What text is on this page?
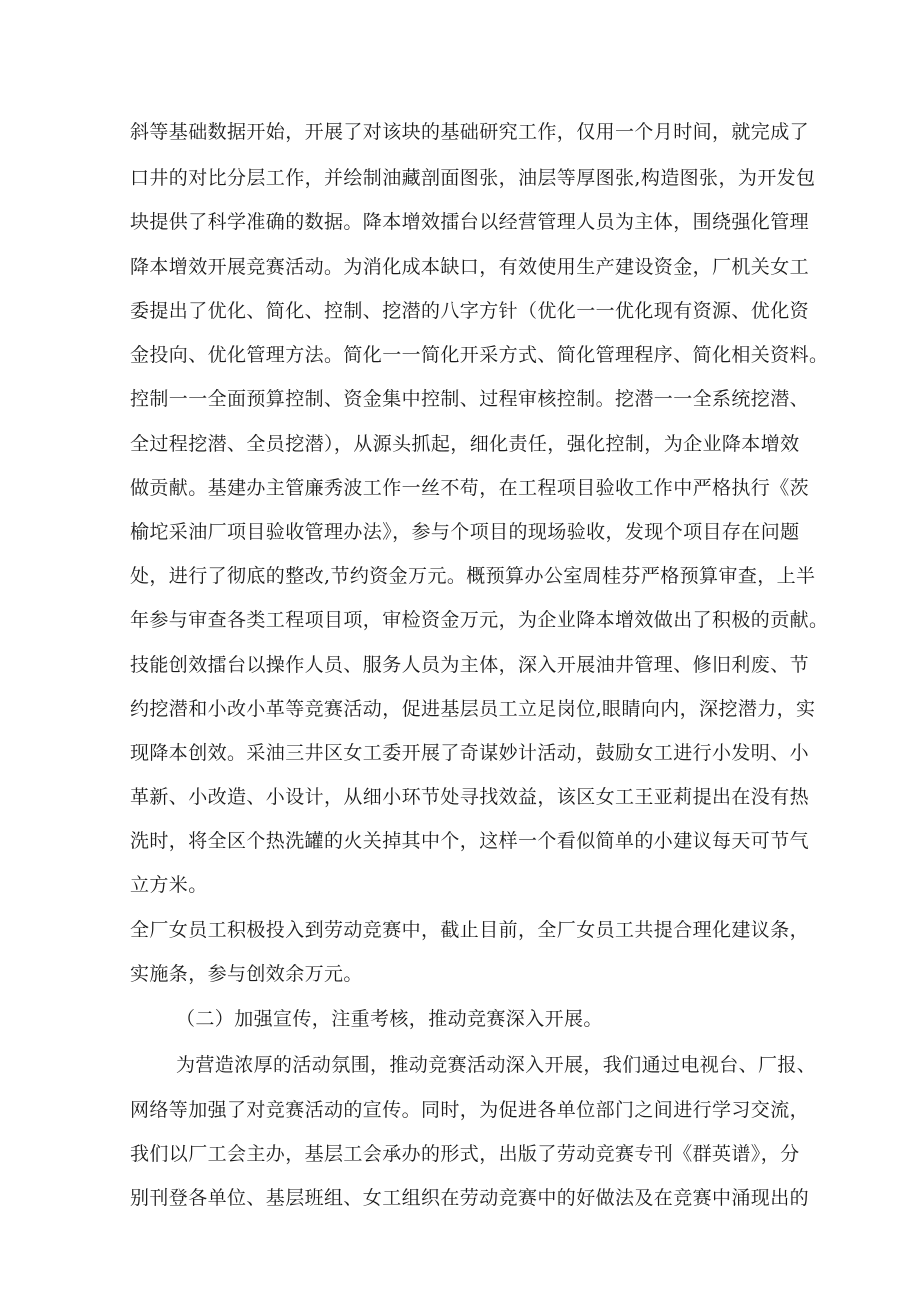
斜等基础数据开始，开展了对该块的基础研究工作，仅用一个月时间，就完成了
口井的对比分层工作，并绘制油藏剖面图张，油层等厚图张,构造图张，为开发包
块提供了科学准确的数据。降本增效擂台以经营管理人员为主体，围绕强化管理
降本增效开展竞赛活动。为消化成本缺口，有效使用生产建设资金，厂机关女工
委提出了优化、简化、控制、挖潜的八字方针（优化一一优化现有资源、优化资
金投向、优化管理方法。简化一一简化开采方式、简化管理程序、简化相关资料。
控制一一全面预算控制、资金集中控制、过程审核控制。挖潜一一全系统挖潜、
全过程挖潜、全员挖潜），从源头抓起，细化责任，强化控制，为企业降本增效
做贡献。基建办主管廉秀波工作一丝不苟，在工程项目验收工作中严格执行《茨
榆坨采油厂项目验收管理办法》，参与个项目的现场验收，发现个项目存在问题
处，进行了彻底的整改,节约资金万元。概预算办公室周桂芬严格预算审查，上半
年参与审查各类工程项目项，审检资金万元，为企业降本增效做出了积极的贡献。
技能创效擂台以操作人员、服务人员为主体，深入开展油井管理、修旧利废、节
约挖潜和小改小革等竞赛活动，促进基层员工立足岗位,眼睛向内，深挖潜力，实
现降本创效。采油三井区女工委开展了奇谋妙计活动，鼓励女工进行小发明、小
革新、小改造、小设计，从细小环节处寻找效益，该区女工王亚莉提出在没有热
洗时，将全区个热洗罐的火关掉其中个，这样一个看似简单的小建议每天可节气
立方米。
全厂女员工积极投入到劳动竞赛中，截止目前，全厂女员工共提合理化建议条，
实施条，参与创效余万元。
（二）加强宣传，注重考核，推动竞赛深入开展。
为营造浓厚的活动氛围，推动竞赛活动深入开展，我们通过电视台、厂报、
网络等加强了对竞赛活动的宣传。同时，为促进各单位部门之间进行学习交流，
我们以厂工会主办，基层工会承办的形式，出版了劳动竞赛专刊《群英谱》，分
别刊登各单位、基层班组、女工组织在劳动竞赛中的好做法及在竞赛中涌现出的
